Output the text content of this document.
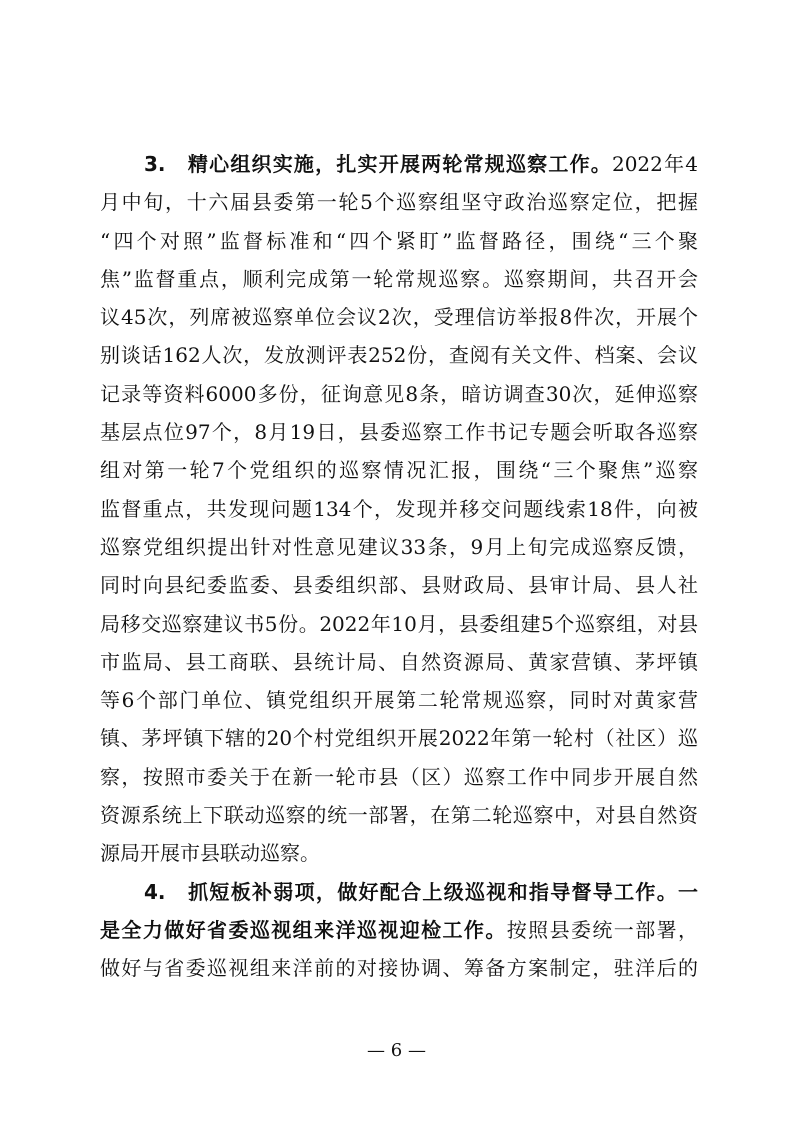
3.　精心组织实施，扎实开展两轮常规巡察工作。2022年4
月中旬，十六届县委第一轮5个巡察组坚守政治巡察定位，把握
“四个对照”监督标准和“四个紧盯”监督路径，围绕“三个聚
焦”监督重点，顺利完成第一轮常规巡察。巡察期间，共召开会
议45次，列席被巡察单位会议2次，受理信访举报8件次，开展个
别谈话162人次，发放测评表252份，查阅有关文件、档案、会议
记录等资料6000多份，征询意见8条，暗访调查30次，延伸巡察
基层点位97个，8月19日，县委巡察工作书记专题会听取各巡察
组对第一轮7个党组织的巡察情况汇报，围绕“三个聚焦”巡察
监督重点，共发现问题134个，发现并移交问题线索18件，向被
巡察党组织提出针对性意见建议33条，9月上旬完成巡察反馈，
同时向县纪委监委、县委组织部、县财政局、县审计局、县人社
局移交巡察建议书5份。2022年10月，县委组建5个巡察组，对县
市监局、县工商联、县统计局、自然资源局、黄家营镇、茅坪镇
等6个部门单位、镇党组织开展第二轮常规巡察，同时对黄家营
镇、茅坪镇下辖的20个村党组织开展2022年第一轮村（社区）巡
察，按照市委关于在新一轮市县（区）巡察工作中同步开展自然
资源系统上下联动巡察的统一部署，在第二轮巡察中，对县自然资
源局开展市县联动巡察。
4.　抓短板补弱项，做好配合上级巡视和指导督导工作。一
是全力做好省委巡视组来洋巡视迎检工作。按照县委统一部署，
做好与省委巡视组来洋前的对接协调、筹备方案制定，驻洋后的
— 6 —
